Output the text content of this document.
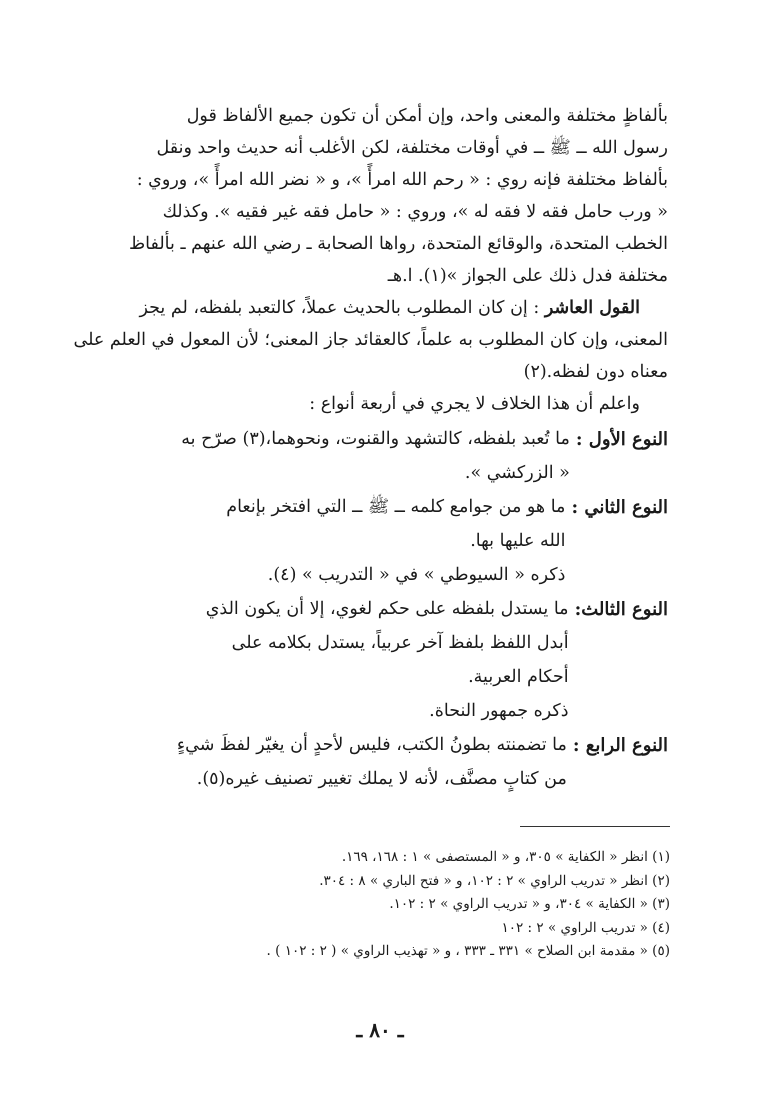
بألفاظٍ مختلفة والمعنى واحد، وإن أمكن أن تكون جميع الألفاظ قول
رسول الله ــ ﷺ ــ في أوقات مختلفة، لكن الأغلب أنه حديث واحد ونقل
بألفاظ مختلفة فإنه روي : « رحم الله امرأً »، و « نضر الله امرأً »، وروي :
« ورب حامل فقه لا فقه له »، وروي : « حامل فقه غير فقيه ». وكذلك
الخطب المتحدة، والوقائع المتحدة، رواها الصحابة ـ رضي الله عنهم ـ بألفاظ
مختلفة فدل ذلك على الجواز »(١). ا.هـ
القول العاشر : إن كان المطلوب بالحديث عملاً، كالتعبد بلفظه، لم يجز
المعنى، وإن كان المطلوب به علماً، كالعقائد جاز المعنى؛ لأن المعول في العلم على
معناه دون لفظه.(٢)
واعلم أن هذا الخلاف لا يجري في أربعة أنواع :
النوع الأول :
ما تُعبد بلفظه، كالتشهد والقنوت، ونحوهما،(٣) صرّح به
« الزركشي ».
النوع الثاني :
ما هو من جوامع كلمه ــ ﷺ ــ التي افتخر بإنعام
الله عليها بها.
ذكره « السيوطي » في « التدريب » (٤).
النوع الثالث:
ما يستدل بلفظه على حكم لغوي، إلا أن يكون الذي
أبدل اللفظ بلفظ آخر عربياً، يستدل بكلامه على
أحكام العربية.
ذكره جمهور النحاة.
النوع الرابع :
ما تضمنته بطونُ الكتب، فليس لأحدٍ أن يغيّر لفظَ شيءٍ
من كتابٍ مصنَّف، لأنه لا يملك تغيير تصنيف غيره(٥).
(١) انظر « الكفاية » ٣٠٥، و « المستصفى » ١ : ١٦٨، ١٦٩.
(٢) انظر « تدريب الراوي » ٢ : ١٠٢، و « فتح الباري » ٨ : ٣٠٤.
(٣) « الكفاية » ٣٠٤، و « تدريب الراوي » ٢ : ١٠٢.
(٤) « تدريب الراوي » ٢ : ١٠٢
(٥) « مقدمة ابن الصلاح » ٣٣١ ـ ٣٣٣ ، و « تهذيب الراوي » ( ٢ : ١٠٢ ) .
ـ ٨٠ ـ
